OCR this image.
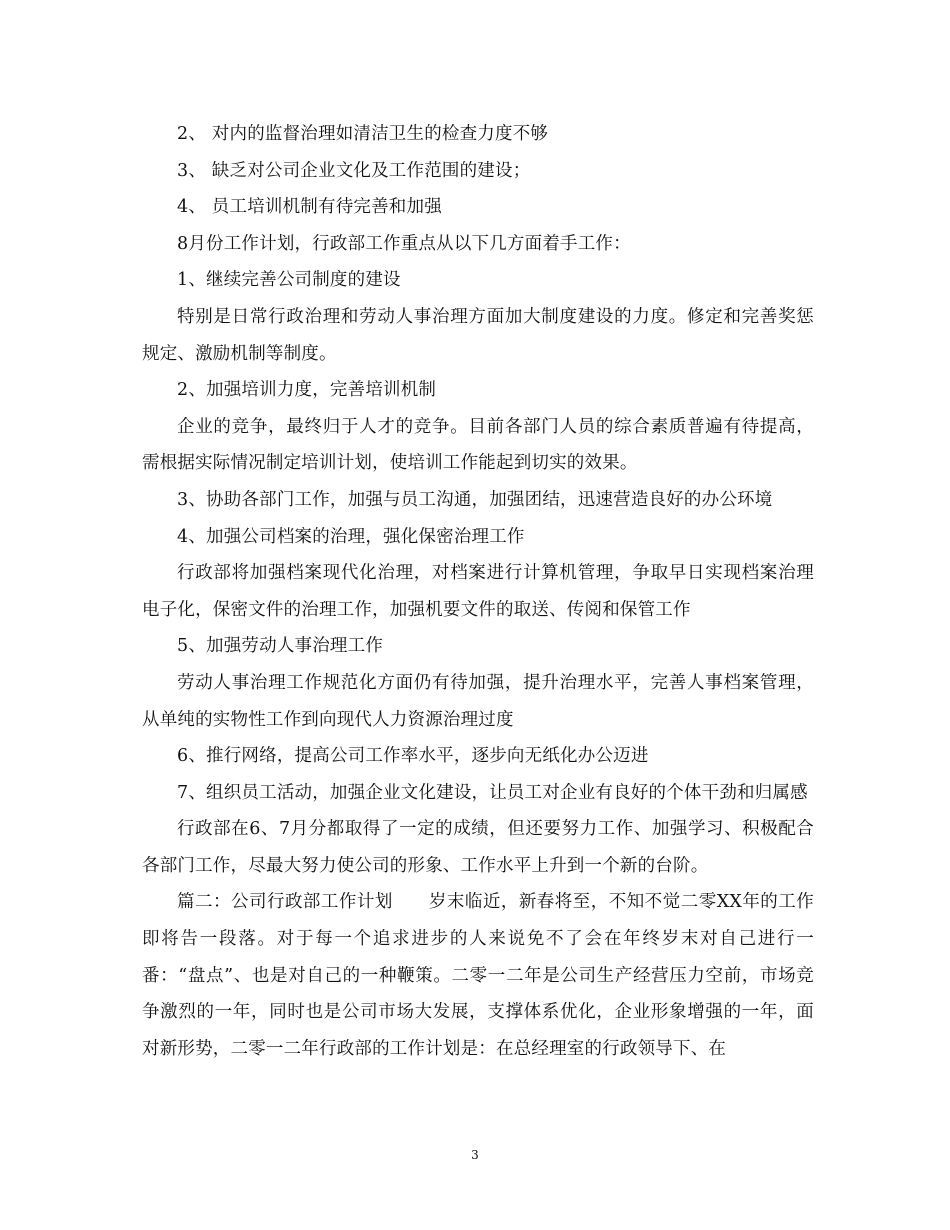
2、 对内的监督治理如清洁卫生的检查力度不够

3、 缺乏对公司企业文化及工作范围的建设；

4、 员工培训机制有待完善和加强

8月份工作计划，行政部工作重点从以下几方面着手工作：

1、继续完善公司制度的建设

特别是日常行政治理和劳动人事治理方面加大制度建设的力度。修定和完善奖惩规定、激励机制等制度。

2、加强培训力度，完善培训机制

企业的竞争，最终归于人才的竞争。目前各部门人员的综合素质普遍有待提高，需根据实际情况制定培训计划，使培训工作能起到切实的效果。

3、协助各部门工作，加强与员工沟通，加强团结，迅速营造良好的办公环境

4、加强公司档案的治理，强化保密治理工作

行政部将加强档案现代化治理，对档案进行计算机管理，争取早日实现档案治理电子化，保密文件的治理工作，加强机要文件的取送、传阅和保管工作

5、加强劳动人事治理工作

劳动人事治理工作规范化方面仍有待加强，提升治理水平，完善人事档案管理，从单纯的实物性工作到向现代人力资源治理过度

6、推行网络，提高公司工作率水平，逐步向无纸化办公迈进

7、组织员工活动，加强企业文化建设，让员工对企业有良好的个体干劲和归属感

行政部在6、7月分都取得了一定的成绩，但还要努力工作、加强学习、积极配合各部门工作，尽最大努力使公司的形象、工作水平上升到一个新的台阶。

篇二：公司行政部工作计划　　岁末临近，新春将至，不知不觉二零XX年的工作即将告一段落。对于每一个追求进步的人来说免不了会在年终岁末对自己进行一番：“盘点”、也是对自己的一种鞭策。二零一二年是公司生产经营压力空前，市场竞争激烈的一年，同时也是公司市场大发展，支撑体系优化，企业形象增强的一年，面对新形势，二零一二年行政部的工作计划是：在总经理室的行政领导下、在

3
